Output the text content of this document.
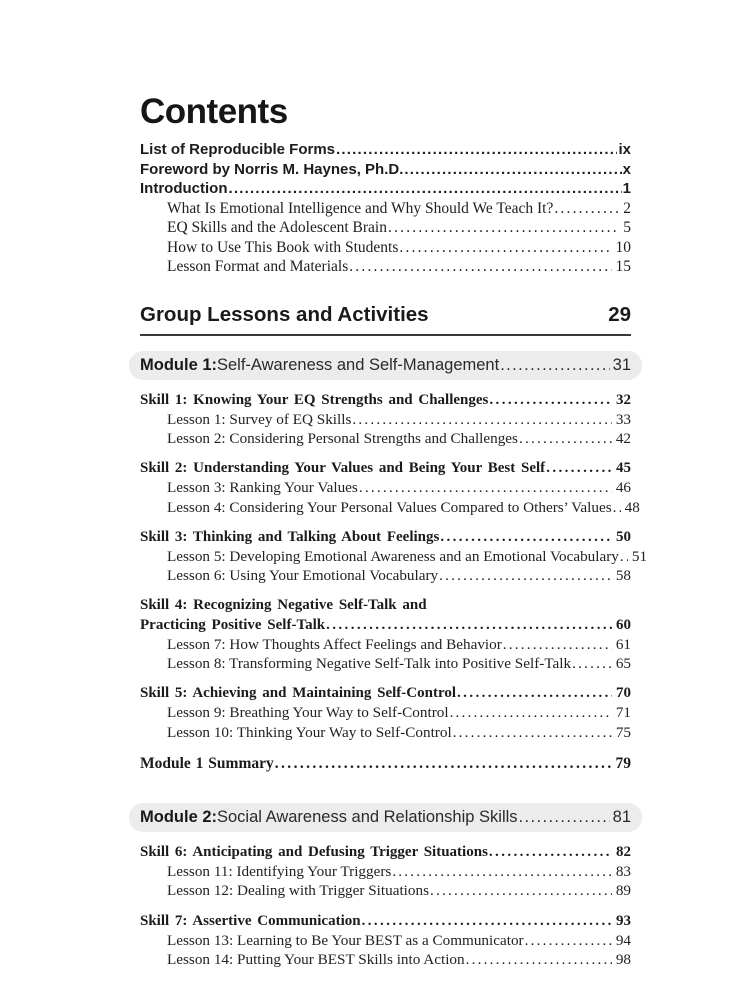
Contents
List of Reproducible Forms .....	ix
Foreword by Norris M. Haynes, Ph.D. .....	x
Introduction .....	1
What Is Emotional Intelligence and Why Should We Teach It? .....	2
EQ Skills and the Adolescent Brain .....	5
How to Use This Book with Students .....	10
Lesson Format and Materials .....	15
Group Lessons and Activities	29
Module 1: Self-Awareness and Self-Management .....	31
Skill 1: Knowing Your EQ Strengths and Challenges .....	32
Lesson 1: Survey of EQ Skills .....	33
Lesson 2: Considering Personal Strengths and Challenges .....	42
Skill 2: Understanding Your Values and Being Your Best Self .....	45
Lesson 3: Ranking Your Values .....	46
Lesson 4: Considering Your Personal Values Compared to Others’ Values ..... 48
Skill 3: Thinking and Talking About Feelings .....	50
Lesson 5: Developing Emotional Awareness and an Emotional Vocabulary ..... 51
Lesson 6: Using Your Emotional Vocabulary .....	58
Skill 4: Recognizing Negative Self-Talk and
Practicing Positive Self-Talk .....	60
Lesson 7: How Thoughts Affect Feelings and Behavior .....	61
Lesson 8: Transforming Negative Self-Talk into Positive Self-Talk .....	65
Skill 5: Achieving and Maintaining Self-Control .....	70
Lesson 9: Breathing Your Way to Self-Control .....	71
Lesson 10: Thinking Your Way to Self-Control .....	75
Module 1 Summary .....	79
Module 2: Social Awareness and Relationship Skills .....	81
Skill 6: Anticipating and Defusing Trigger Situations .....	82
Lesson 11: Identifying Your Triggers .....	83
Lesson 12: Dealing with Trigger Situations .....	89
Skill 7: Assertive Communication .....	93
Lesson 13: Learning to Be Your BEST as a Communicator .....	94
Lesson 14: Putting Your BEST Skills into Action .....	98
